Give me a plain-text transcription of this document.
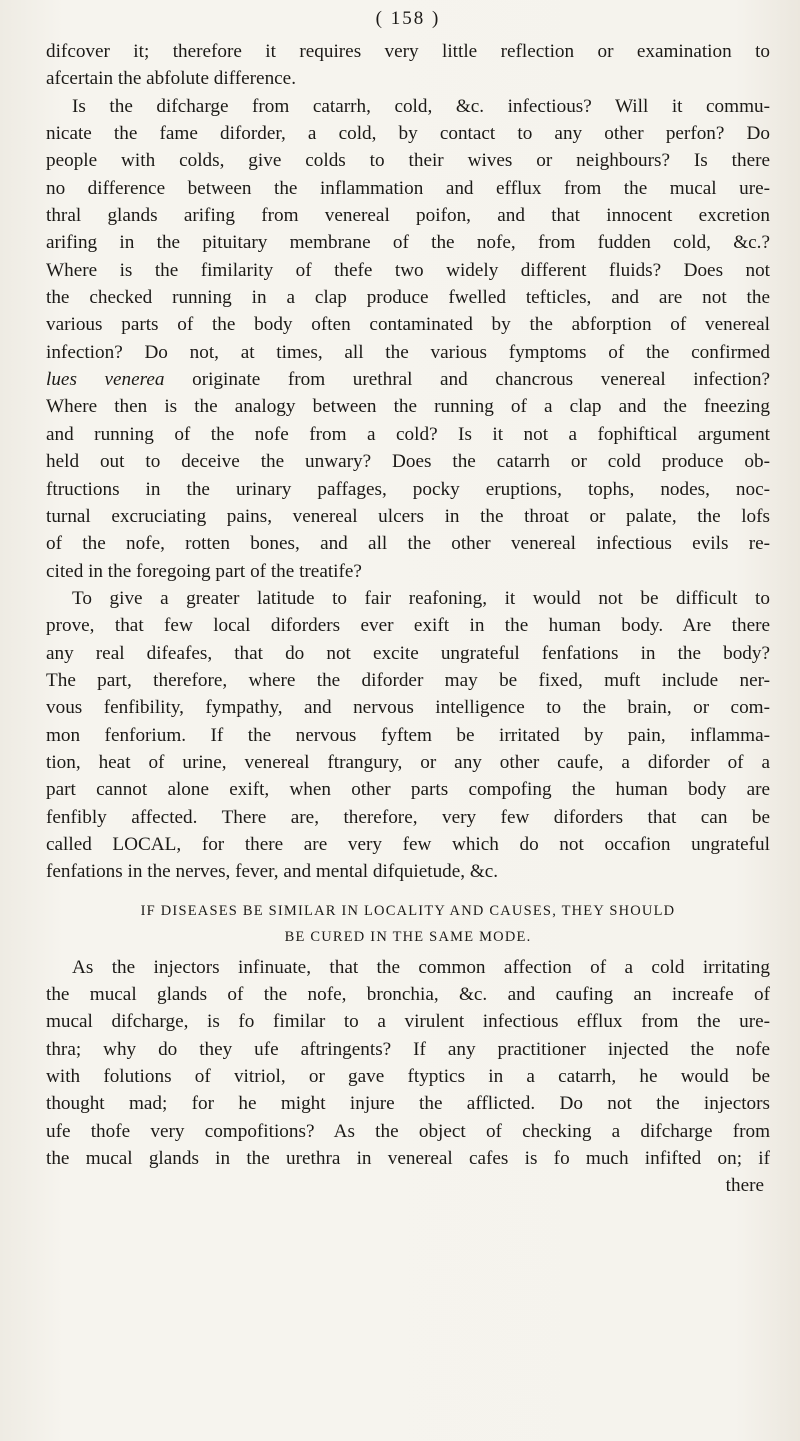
( 158 )

difcover it; therefore it requires very little reflection or examination to
afcertain the abfolute difference.

Is the difcharge from catarrh, cold, &c. infectious? Will it commu-
nicate the fame diforder, a cold, by contact to any other perfon? Do
people with colds, give colds to their wives or neighbours? Is there
no difference between the inflammation and efflux from the mucal ure-
thral glands arifing from venereal poifon, and that innocent excretion
arifing in the pituitary membrane of the nofe, from fudden cold, &c.?
Where is the fimilarity of thefe two widely different fluids? Does not
the checked running in a clap produce fwelled tefticles, and are not the
various parts of the body often contaminated by the abforption of venereal
infection? Do not, at times, all the various fymptoms of the confirmed
lues venerea originate from urethral and chancrous venereal infection?
Where then is the analogy between the running of a clap and the fneezing
and running of the nofe from a cold? Is it not a fophiftical argument
held out to deceive the unwary? Does the catarrh or cold produce ob-
ftructions in the urinary paffages, pocky eruptions, tophs, nodes, noc-
turnal excruciating pains, venereal ulcers in the throat or palate, the lofs
of the nofe, rotten bones, and all the other venereal infectious evils re-
cited in the foregoing part of the treatife?

To give a greater latitude to fair reafoning, it would not be difficult to
prove, that few local diforders ever exift in the human body. Are there
any real difeafes, that do not excite ungrateful fenfations in the body?
The part, therefore, where the diforder may be fixed, muft include ner-
vous fenfibility, fympathy, and nervous intelligence to the brain, or com-
mon fenforium. If the nervous fyftem be irritated by pain, inflamma-
tion, heat of urine, venereal ftrangury, or any other caufe, a diforder of a
part cannot alone exift, when other parts compofing the human body are
fenfibly affected. There are, therefore, very few diforders that can be
called LOCAL, for there are very few which do not occafion ungrateful
fenfations in the nerves, fever, and mental difquietude, &c.

IF DISEASES BE SIMILAR IN LOCALITY AND CAUSES, THEY SHOULD
BE CURED IN THE SAME MODE.

As the injectors infinuate, that the common affection of a cold irritating
the mucal glands of the nofe, bronchia, &c. and caufing an increafe of
mucal difcharge, is fo fimilar to a virulent infectious efflux from the ure-
thra; why do they ufe aftringents? If any practitioner injected the nofe
with folutions of vitriol, or gave ftyptics in a catarrh, he would be
thought mad; for he might injure the afflicted. Do not the injectors
ufe thofe very compofitions? As the object of checking a difcharge from
the mucal glands in the urethra in venereal cafes is fo much infifted on; if

there
